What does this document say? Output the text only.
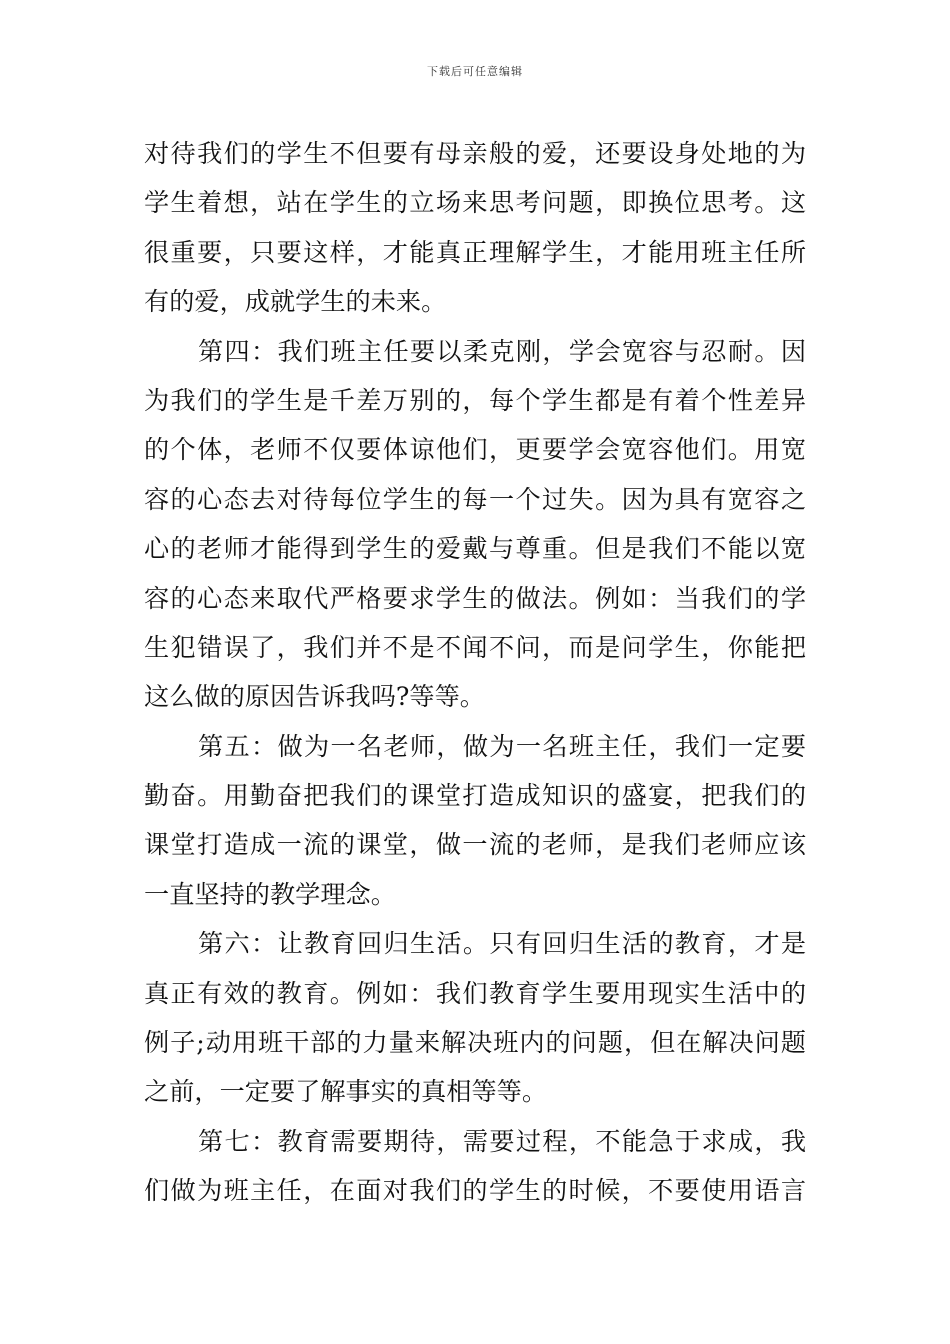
下载后可任意编辑
对待我们的学生不但要有母亲般的爱，还要设身处地的为
学生着想，站在学生的立场来思考问题，即换位思考。这
很重要，只要这样，才能真正理解学生，才能用班主任所
有的爱，成就学生的未来。
第四：我们班主任要以柔克刚，学会宽容与忍耐。因
为我们的学生是千差万别的，每个学生都是有着个性差异
的个体，老师不仅要体谅他们，更要学会宽容他们。用宽
容的心态去对待每位学生的每一个过失。因为具有宽容之
心的老师才能得到学生的爱戴与尊重。但是我们不能以宽
容的心态来取代严格要求学生的做法。例如：当我们的学
生犯错误了，我们并不是不闻不问，而是问学生，你能把
这么做的原因告诉我吗?等等。
第五：做为一名老师，做为一名班主任，我们一定要
勤奋。用勤奋把我们的课堂打造成知识的盛宴，把我们的
课堂打造成一流的课堂，做一流的老师，是我们老师应该
一直坚持的教学理念。
第六：让教育回归生活。只有回归生活的教育，才是
真正有效的教育。例如：我们教育学生要用现实生活中的
例子;动用班干部的力量来解决班内的问题，但在解决问题
之前，一定要了解事实的真相等等。
第七：教育需要期待，需要过程，不能急于求成，我
们做为班主任，在面对我们的学生的时候，不要使用语言
